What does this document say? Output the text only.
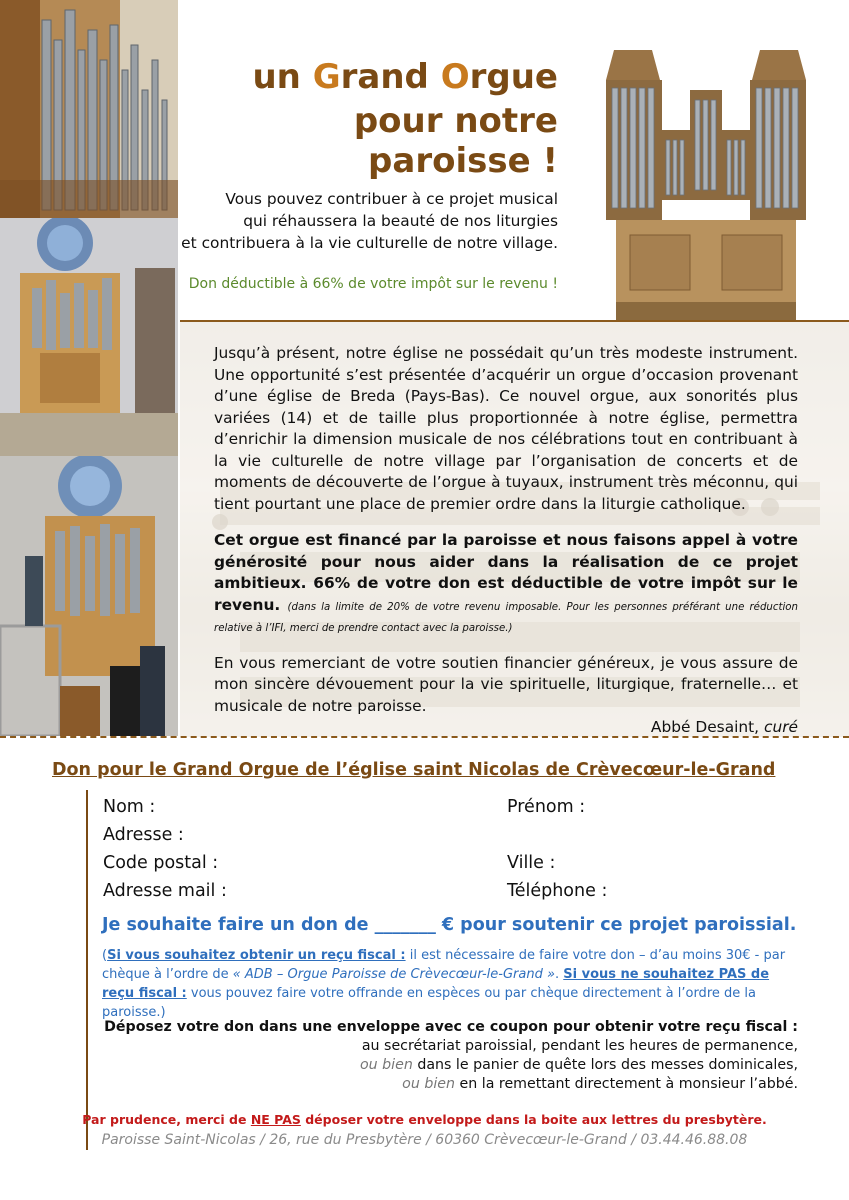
un Grand Orgue
pour notre paroisse !
Vous pouvez contribuer à ce projet musical
qui réhaussera la beauté de nos liturgies
et contribuera à la vie culturelle de notre village.
Don déductible à 66% de votre impôt sur le revenu !

Jusqu’à présent, notre église ne possédait qu’un très modeste instrument. Une opportunité s’est présentée d’acquérir un orgue d’occasion provenant d’une église de Breda (Pays-Bas). Ce nouvel orgue, aux sonorités plus variées (14) et de taille plus proportionnée à notre église, permettra d’enrichir la dimension musicale de nos célébrations tout en contribuant à la vie culturelle de notre village par l’organisation de concerts et de moments de découverte de l’orgue à tuyaux, instrument très méconnu, qui tient pourtant une place de premier ordre dans la liturgie catholique.

Cet orgue est financé par la paroisse et nous faisons appel à votre générosité pour nous aider dans la réalisation de ce projet ambitieux. 66% de votre don est déductible de votre impôt sur le revenu. (dans la limite de 20% de votre revenu imposable. Pour les personnes préférant une réduction relative à l’IFI, merci de prendre contact avec la paroisse.)

En vous remerciant de votre soutien financier généreux, je vous assure de mon sincère dévouement pour la vie spirituelle, liturgique, fraternelle… et musicale de notre paroisse.

Abbé Desaint, curé

Don pour le Grand Orgue de l’église saint Nicolas de Crèvecœur-le-Grand
Nom :	Prénom :
Adresse :
Code postal :	Ville :
Adresse mail :	Téléphone :
Je souhaite faire un don de _______ € pour soutenir ce projet paroissial.
(Si vous souhaitez obtenir un reçu fiscal : il est nécessaire de faire votre don – d’au moins 30€ - par chèque à l’ordre de « ADB – Orgue Paroisse de Crèvecœur-le-Grand ». Si vous ne souhaitez PAS de reçu fiscal : vous pouvez faire votre offrande en espèces ou par chèque directement à l’ordre de la paroisse.)
Déposez votre don dans une enveloppe avec ce coupon pour obtenir votre reçu fiscal :
au secrétariat paroissial, pendant les heures de permanence,
ou bien dans le panier de quête lors des messes dominicales,
ou bien en la remettant directement à monsieur l’abbé.
Par prudence, merci de NE PAS déposer votre enveloppe dans la boite aux lettres du presbytère.
Paroisse Saint-Nicolas / 26, rue du Presbytère / 60360 Crèvecœur-le-Grand / 03.44.46.88.08
